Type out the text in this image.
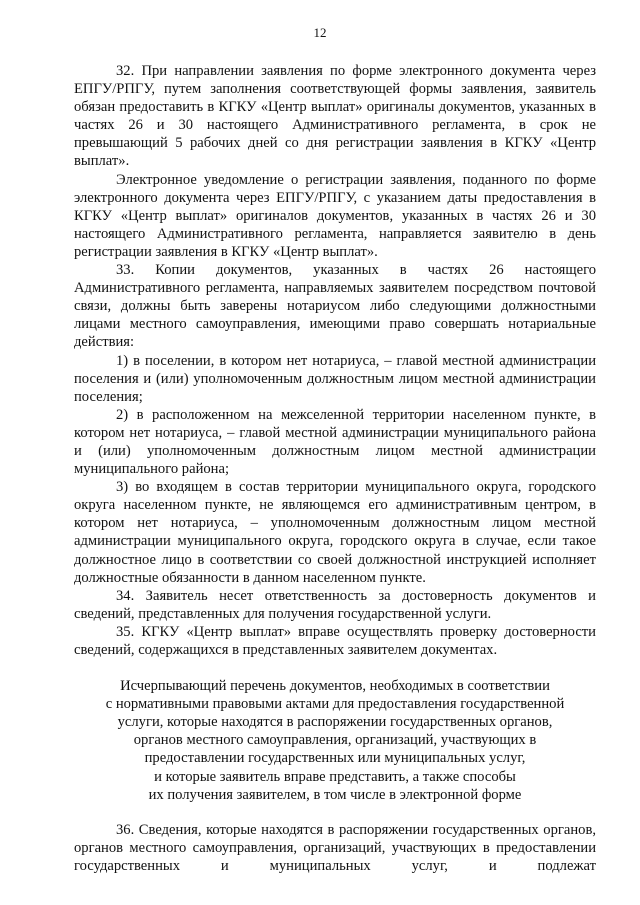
12

32. При направлении заявления по форме электронного документа через ЕПГУ/РПГУ, путем заполнения соответствующей формы заявления, заявитель обязан предоставить в КГКУ «Центр выплат» оригиналы документов, указанных в частях 26 и 30 настоящего Административного регламента, в срок не превышающий 5 рабочих дней со дня регистрации заявления в КГКУ «Центр выплат».

Электронное уведомление о регистрации заявления, поданного по форме электронного документа через ЕПГУ/РПГУ, с указанием даты предоставления в КГКУ «Центр выплат» оригиналов документов, указанных в частях 26 и 30 настоящего Административного регламента, направляется заявителю в день регистрации заявления в КГКУ «Центр выплат».

33. Копии документов, указанных в частях 26 настоящего Административного регламента, направляемых заявителем посредством почтовой связи, должны быть заверены нотариусом либо следующими должностными лицами местного самоуправления, имеющими право совершать нотариальные действия:

1) в поселении, в котором нет нотариуса, – главой местной администрации поселения и (или) уполномоченным должностным лицом местной администрации поселения;

2) в расположенном на межселенной территории населенном пункте, в котором нет нотариуса, – главой местной администрации муниципального района и (или) уполномоченным должностным лицом местной администрации муниципального района;

3) во входящем в состав территории муниципального округа, городского округа населенном пункте, не являющемся его административным центром, в котором нет нотариуса, – уполномоченным должностным лицом местной администрации муниципального округа, городского округа в случае, если такое должностное лицо в соответствии со своей должностной инструкцией исполняет должностные обязанности в данном населенном пункте.

34. Заявитель несет ответственность за достоверность документов и сведений, представленных для получения государственной услуги.

35. КГКУ «Центр выплат» вправе осуществлять проверку достоверности сведений, содержащихся в представленных заявителем документах.

Исчерпывающий перечень документов, необходимых в соответствии

с нормативными правовыми актами для предоставления государственной

услуги, которые находятся в распоряжении государственных органов,

органов местного самоуправления, организаций, участвующих в

предоставлении государственных или муниципальных услуг,

и которые заявитель вправе представить, а также способы

их получения заявителем, в том числе в электронной форме

36. Сведения, которые находятся в распоряжении государственных органов, органов местного самоуправления, организаций, участвующих в предоставлении государственных и муниципальных услуг, и подлежат
